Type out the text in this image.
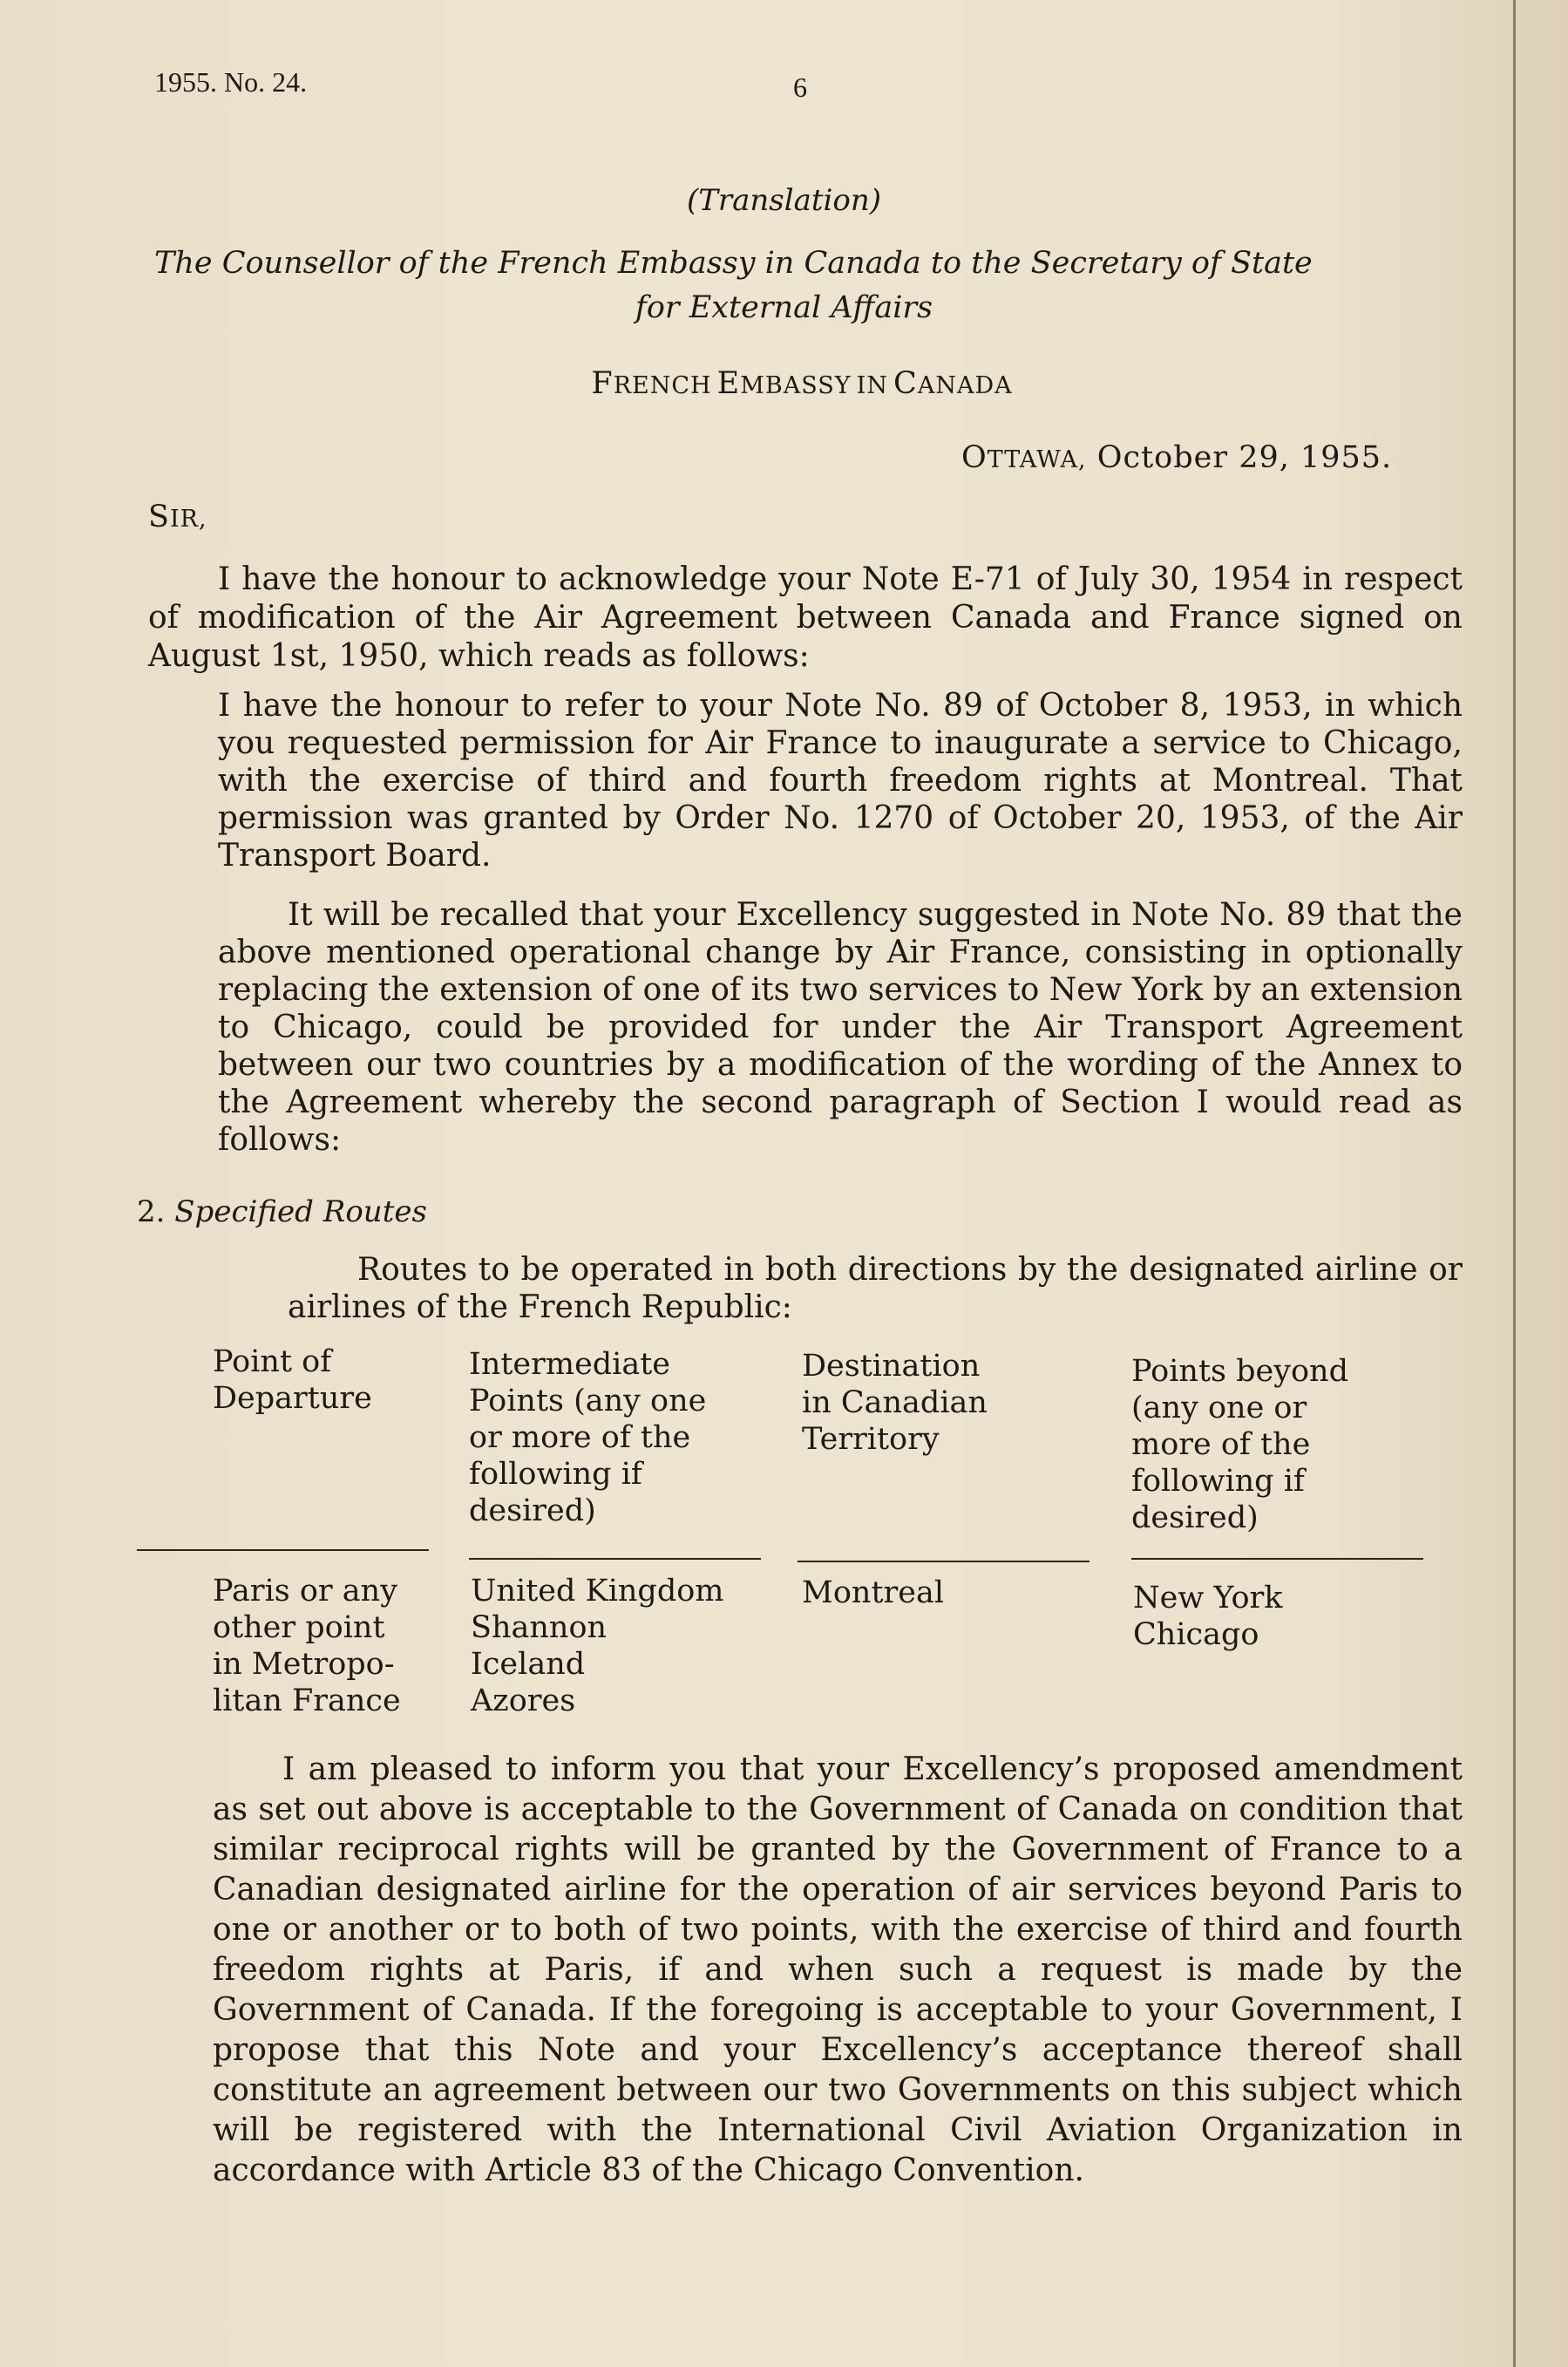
1955. No. 24.	6
(Translation)
The Counsellor of the French Embassy in Canada to the Secretary of State
for External Affairs
FRENCH EMBASSY IN CANADA
OTTAWA, October 29, 1955.
SIR,

I have the honour to acknowledge your Note E-71 of July 30, 1954 in respect of modification of the Air Agreement between Canada and France signed on August 1st, 1950, which reads as follows:

I have the honour to refer to your Note No. 89 of October 8, 1953, in which you requested permission for Air France to inaugurate a service to Chicago, with the exercise of third and fourth freedom rights at Montreal. That permission was granted by Order No. 1270 of October 20, 1953, of the Air Transport Board.

It will be recalled that your Excellency suggested in Note No. 89 that the above mentioned operational change by Air France, consisting in optionally replacing the extension of one of its two services to New York by an extension to Chicago, could be provided for under the Air Transport Agreement between our two countries by a modification of the wording of the Annex to the Agreement whereby the second paragraph of Section I would read as follows:

2. Specified Routes

Routes to be operated in both directions by the designated airline or airlines of the French Republic:

Point of
Departure
Intermediate
Points (any one
or more of the
following if
desired)
Destination
in Canadian
Territory
Points beyond
(any one or
more of the
following if
desired)
Paris or any
other point
in Metropo-
litan France
United Kingdom
Shannon
Iceland
Azores
Montreal	New York
Chicago

I am pleased to inform you that your Excellency’s proposed amendment as set out above is acceptable to the Government of Canada on condition that similar reciprocal rights will be granted by the Government of France to a Canadian designated airline for the operation of air services beyond Paris to one or another or to both of two points, with the exercise of third and fourth freedom rights at Paris, if and when such a request is made by the Government of Canada. If the foregoing is acceptable to your Government, I propose that this Note and your Excellency’s acceptance thereof shall constitute an agreement between our two Governments on this subject which will be registered with the International Civil Aviation Organization in accordance with Article 83 of the Chicago Convention.
